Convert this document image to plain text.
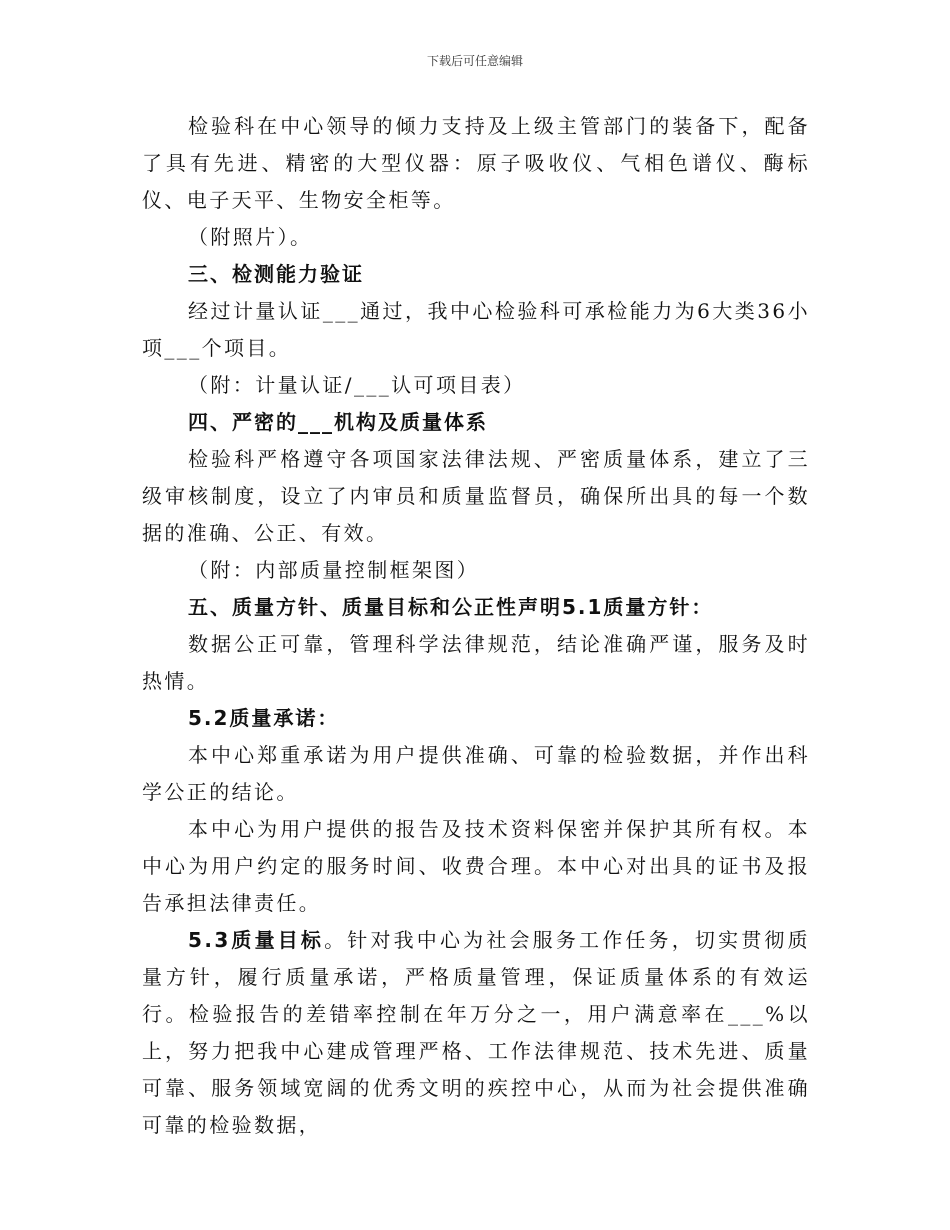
下载后可任意编辑

检验科在中心领导的倾力支持及上级主管部门的装备下，配备了具有先进、精密的大型仪器：原子吸收仪、气相色谱仪、酶标仪、电子天平、生物安全柜等。

（附照片）。

三、检测能力验证

经过计量认证___通过，我中心检验科可承检能力为6大类36小项___个项目。

（附：计量认证/___认可项目表）

四、严密的___机构及质量体系

检验科严格遵守各项国家法律法规、严密质量体系，建立了三级审核制度，设立了内审员和质量监督员，确保所出具的每一个数据的准确、公正、有效。

（附：内部质量控制框架图）

五、质量方针、质量目标和公正性声明5.1质量方针：

数据公正可靠，管理科学法律规范，结论准确严谨，服务及时热情。

5.2质量承诺：

本中心郑重承诺为用户提供准确、可靠的检验数据，并作出科学公正的结论。

本中心为用户提供的报告及技术资料保密并保护其所有权。本中心为用户约定的服务时间、收费合理。本中心对出具的证书及报告承担法律责任。

5.3质量目标。针对我中心为社会服务工作任务，切实贯彻质量方针，履行质量承诺，严格质量管理，保证质量体系的有效运行。检验报告的差错率控制在年万分之一，用户满意率在___%以上，努力把我中心建成管理严格、工作法律规范、技术先进、质量可靠、服务领域宽阔的优秀文明的疾控中心，从而为社会提供准确可靠的检验数据，
